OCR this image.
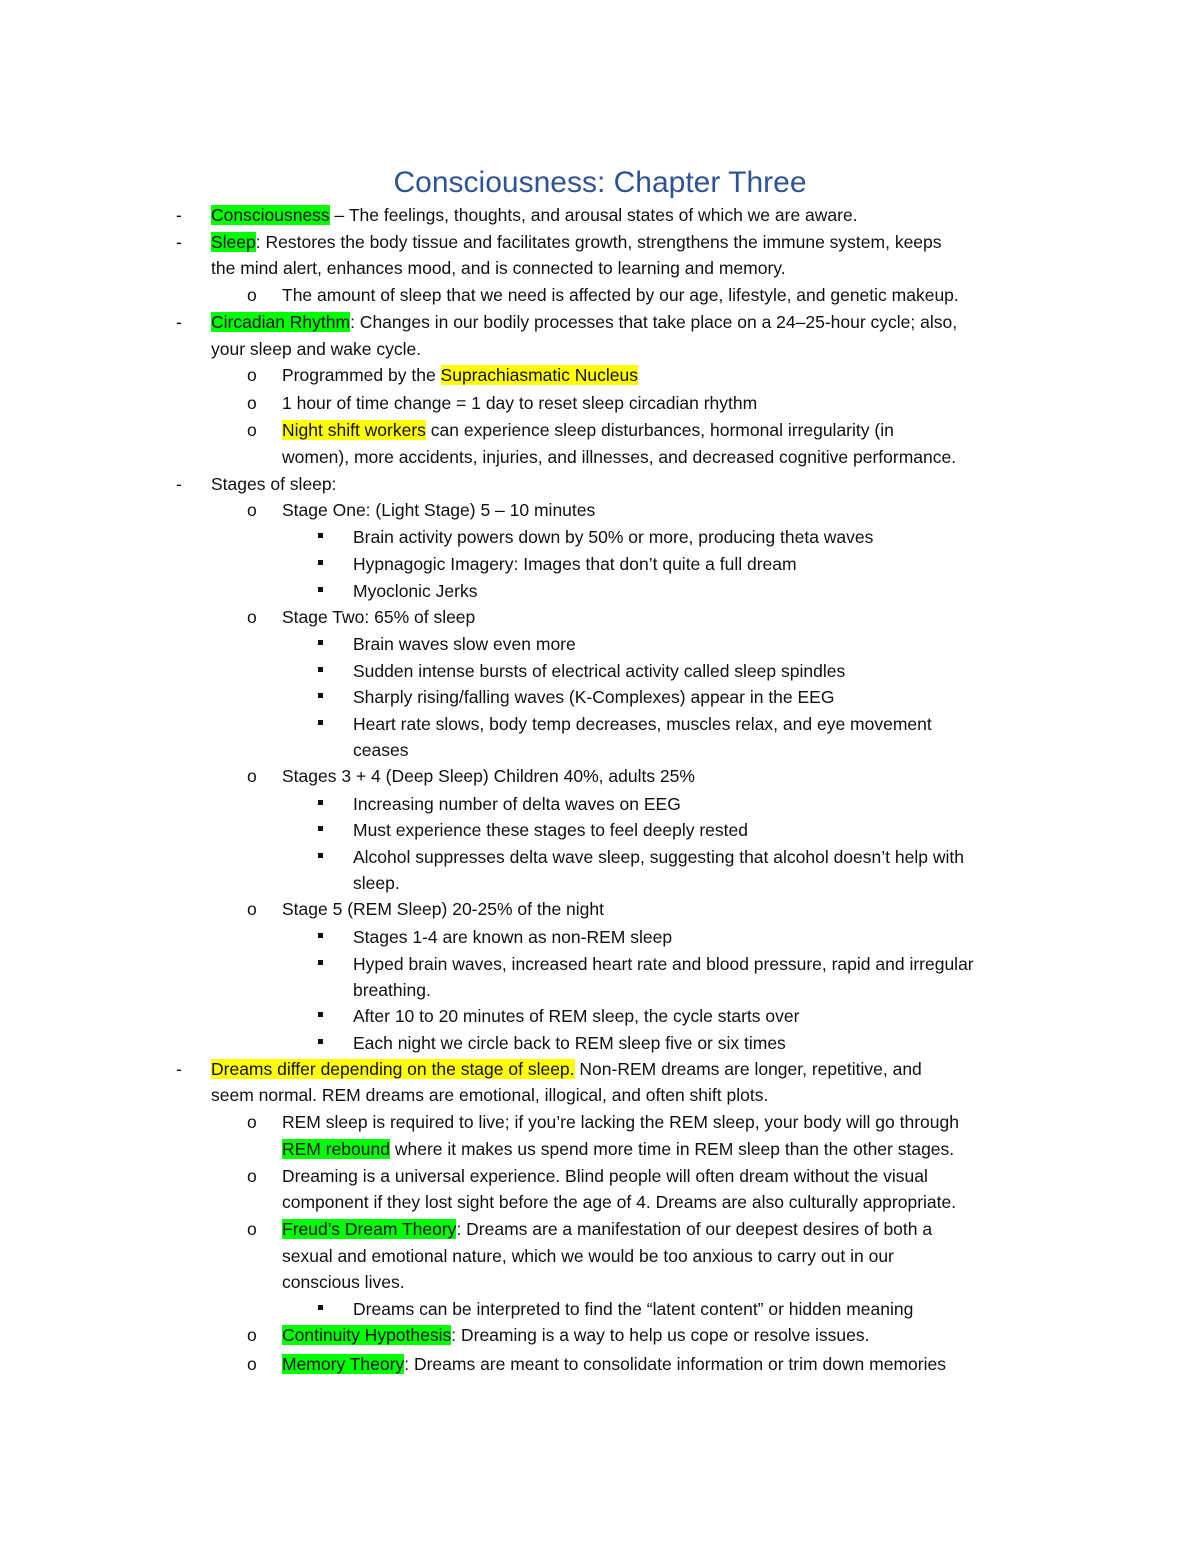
Consciousness: Chapter Three
- Consciousness – The feelings, thoughts, and arousal states of which we are aware.
- Sleep: Restores the body tissue and facilitates growth, strengthens the immune system, keeps
the mind alert, enhances mood, and is connected to learning and memory.
o The amount of sleep that we need is affected by our age, lifestyle, and genetic makeup.
- Circadian Rhythm: Changes in our bodily processes that take place on a 24–25-hour cycle; also,
your sleep and wake cycle.
o Programmed by the Suprachiasmatic Nucleus
o 1 hour of time change = 1 day to reset sleep circadian rhythm
o Night shift workers can experience sleep disturbances, hormonal irregularity (in
women), more accidents, injuries, and illnesses, and decreased cognitive performance.
- Stages of sleep:
o Stage One: (Light Stage) 5 – 10 minutes
Brain activity powers down by 50% or more, producing theta waves
Hypnagogic Imagery: Images that don’t quite a full dream
Myoclonic Jerks
o Stage Two: 65% of sleep
Brain waves slow even more
Sudden intense bursts of electrical activity called sleep spindles
Sharply rising/falling waves (K-Complexes) appear in the EEG
Heart rate slows, body temp decreases, muscles relax, and eye movement
ceases
o Stages 3 + 4 (Deep Sleep) Children 40%, adults 25%
Increasing number of delta waves on EEG
Must experience these stages to feel deeply rested
Alcohol suppresses delta wave sleep, suggesting that alcohol doesn’t help with
sleep.
o Stage 5 (REM Sleep) 20-25% of the night
Stages 1-4 are known as non-REM sleep
Hyped brain waves, increased heart rate and blood pressure, rapid and irregular
breathing.
After 10 to 20 minutes of REM sleep, the cycle starts over
Each night we circle back to REM sleep five or six times
- Dreams differ depending on the stage of sleep. Non-REM dreams are longer, repetitive, and
seem normal. REM dreams are emotional, illogical, and often shift plots.
o REM sleep is required to live; if you’re lacking the REM sleep, your body will go through
REM rebound where it makes us spend more time in REM sleep than the other stages.
o Dreaming is a universal experience. Blind people will often dream without the visual
component if they lost sight before the age of 4. Dreams are also culturally appropriate.
o Freud’s Dream Theory: Dreams are a manifestation of our deepest desires of both a
sexual and emotional nature, which we would be too anxious to carry out in our
conscious lives.
Dreams can be interpreted to find the “latent content” or hidden meaning
o Continuity Hypothesis: Dreaming is a way to help us cope or resolve issues.
o Memory Theory: Dreams are meant to consolidate information or trim down memories
